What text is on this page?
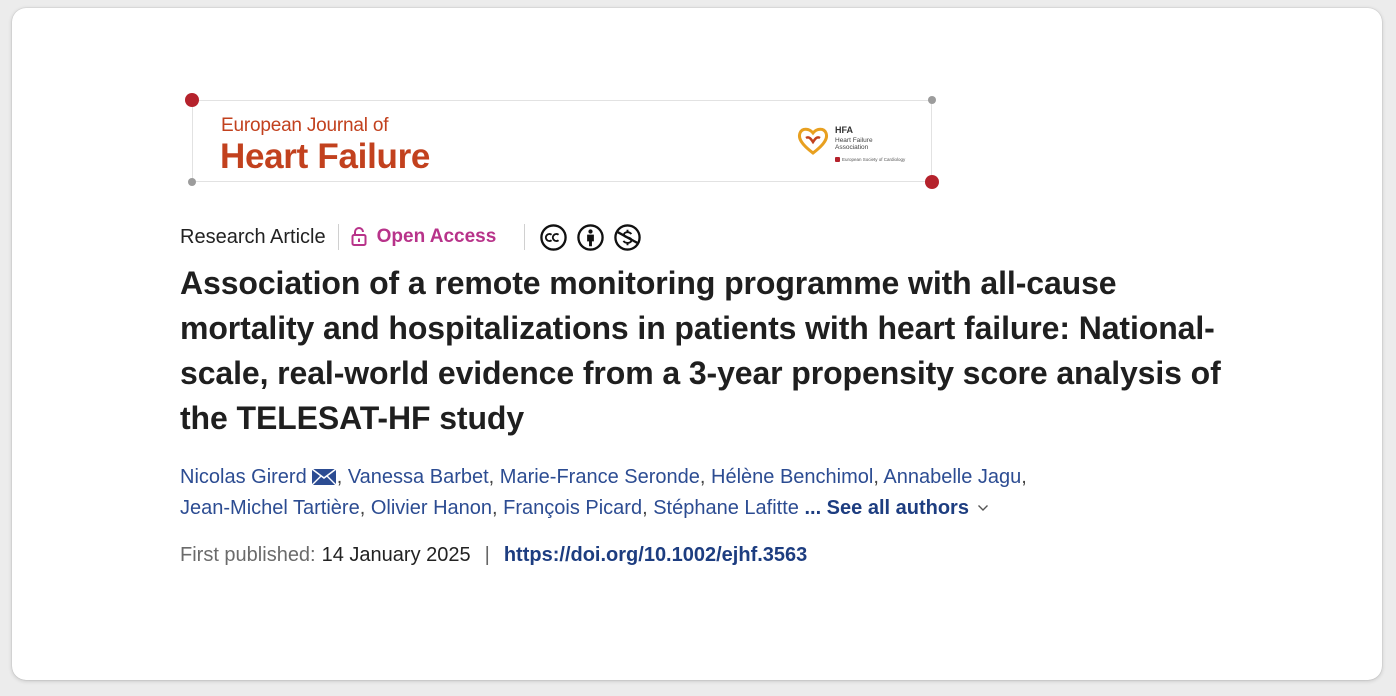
European Journal of
Heart Failure
HFA
Heart Failure Association
European Society of Cardiology
Research Article	Open Access
Association of a remote monitoring programme with all-cause mortality and hospitalizations in patients with heart failure: National-scale, real-world evidence from a 3-year propensity score analysis of the TELESAT-HF study
Nicolas Girerd , Vanessa Barbet, Marie-France Seronde, Hélène Benchimol, Annabelle Jagu,
Jean-Michel Tartière, Olivier Hanon, François Picard, Stéphane Lafitte ... See all authors
First published: 14 January 2025 | https://doi.org/10.1002/ejhf.3563
